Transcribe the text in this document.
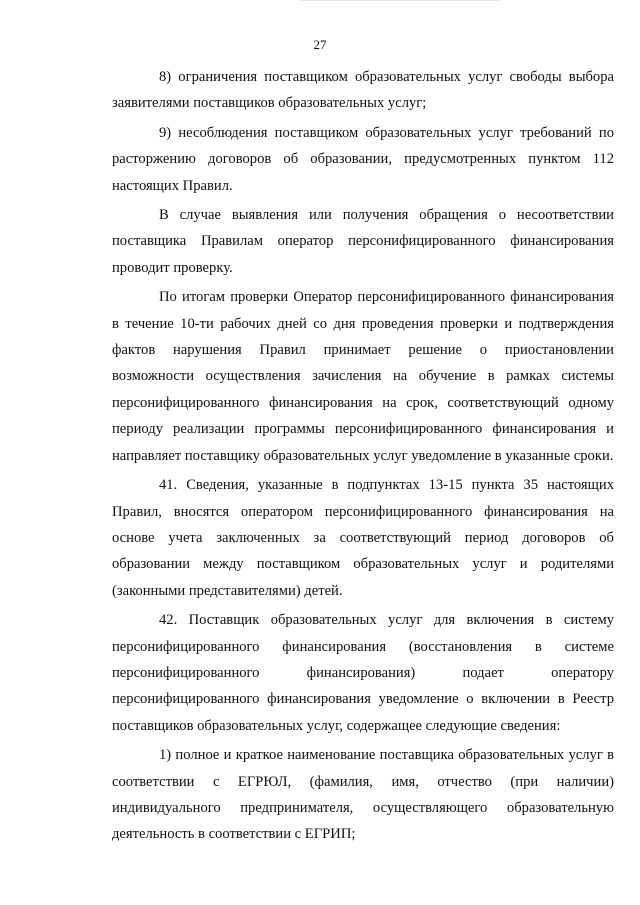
27

8) ограничения поставщиком образовательных услуг свободы выбора заявителями поставщиков образовательных услуг;

9) несоблюдения поставщиком образовательных услуг требований по расторжению договоров об образовании, предусмотренных пунктом 112 настоящих Правил.

В случае выявления или получения обращения о несоответствии поставщика Правилам оператор персонифицированного финансирования проводит проверку.

По итогам проверки Оператор персонифицированного финансирования в течение 10-ти рабочих дней со дня проведения проверки и подтверждения фактов нарушения Правил принимает решение о приостановлении возможности осуществления зачисления на обучение в рамках системы персонифицированного финансирования на срок, соответствующий одному периоду реализации программы персонифицированного финансирования и направляет поставщику образовательных услуг уведомление в указанные сроки.

41. Сведения, указанные в подпунктах 13-15 пункта 35 настоящих Правил, вносятся оператором персонифицированного финансирования на основе учета заключенных за соответствующий период договоров об образовании между поставщиком образовательных услуг и родителями (законными представителями) детей.

42. Поставщик образовательных услуг для включения в систему персонифицированного финансирования (восстановления в системе персонифицированного финансирования) подает оператору персонифицированного финансирования уведомление о включении в Реестр поставщиков образовательных услуг, содержащее следующие сведения:

1) полное и краткое наименование поставщика образовательных услуг в соответствии с ЕГРЮЛ, (фамилия, имя, отчество (при наличии) индивидуального предпринимателя, осуществляющего образовательную деятельность в соответствии с ЕГРИП;
